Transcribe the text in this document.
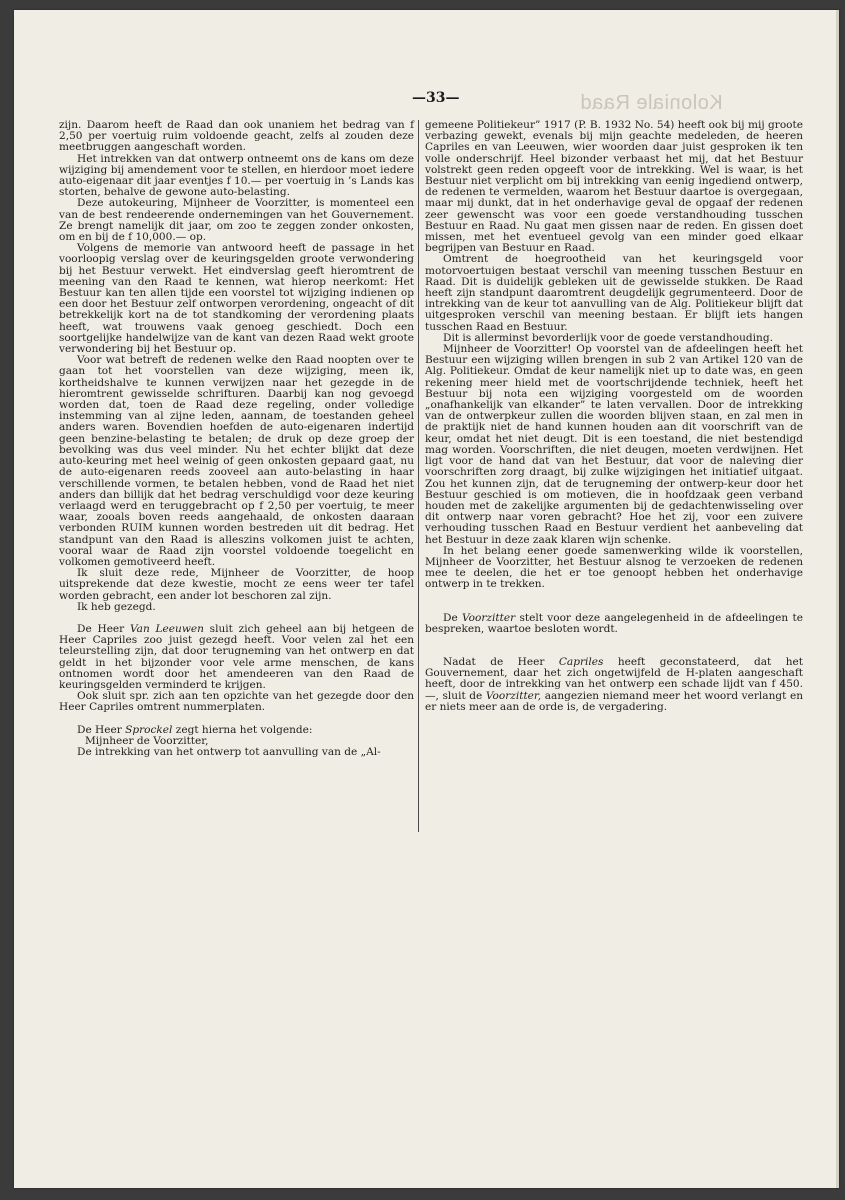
Koloniale Raad
—33—

zijn. Daarom heeft de Raad dan ook unaniem het bedrag van f 2,50 per voertuig ruim voldoende geacht, zelfs al zouden deze meetbruggen aangeschaft worden.

Het intrekken van dat ontwerp ontneemt ons de kans om deze wijziging bij amendement voor te stellen, en hierdoor moet iedere auto-eigenaar dit jaar eventjes f 10.— per voertuig in ’s Lands kas storten, behalve de gewone auto-belasting.

Deze autokeuring, Mijnheer de Voorzitter, is momenteel een van de best rendeerende ondernemingen van het Gouvernement. Ze brengt namelijk dit jaar, om zoo te zeggen zonder onkosten, om en bij de f 10,000.— op.

Volgens de memorie van antwoord heeft de passage in het voorloopig verslag over de keuringsgelden groote verwondering bij het Bestuur verwekt. Het eindverslag geeft hieromtrent de meening van den Raad te kennen, wat hierop neerkomt: Het Bestuur kan ten allen tijde een voorstel tot wijziging indienen op een door het Bestuur zelf ontworpen verordening, ongeacht of dit betrekkelijk kort na de tot standkoming der verordening plaats heeft, wat trouwens vaak genoeg geschiedt. Doch een soortgelijke handelwijze van de kant van dezen Raad wekt groote verwondering bij het Bestuur op.

Voor wat betreft de redenen welke den Raad noopten over te gaan tot het voorstellen van deze wijziging, meen ik, kortheidshalve te kunnen verwijzen naar het gezegde in de hieromtrent gewisselde schrifturen. Daarbij kan nog gevoegd worden dat, toen de Raad deze regeling, onder volledige instemming van al zijne leden, aannam, de toestanden geheel anders waren. Bovendien hoefden de auto-eigenaren indertijd geen benzine-belasting te betalen; de druk op deze groep der bevolking was dus veel minder. Nu het echter blijkt dat deze auto-keuring met heel weinig of geen onkosten gepaard gaat, nu de auto-eigenaren reeds zooveel aan auto-belasting in haar verschillende vormen, te betalen hebben, vond de Raad het niet anders dan billijk dat het bedrag verschuldigd voor deze keuring verlaagd werd en teruggebracht op f 2,50 per voertuig, te meer waar, zooals boven reeds aangehaald, de onkosten daaraan verbonden RUIM kunnen worden bestreden uit dit bedrag. Het standpunt van den Raad is alleszins volkomen juist te achten, vooral waar de Raad zijn voorstel voldoende toegelicht en volkomen gemotiveerd heeft.

Ik sluit deze rede, Mijnheer de Voorzitter, de hoop uitsprekende dat deze kwestie, mocht ze eens weer ter tafel worden gebracht, een ander lot beschoren zal zijn.

Ik heb gezegd.

De Heer Van Leeuwen sluit zich geheel aan bij hetgeen de Heer Capriles zoo juist gezegd heeft. Voor velen zal het een teleurstelling zijn, dat door terugneming van het ontwerp en dat geldt in het bijzonder voor vele arme menschen, de kans ontnomen wordt door het amendeeren van den Raad de keuringsgelden verminderd te krijgen.

Ook sluit spr. zich aan ten opzichte van het gezegde door den Heer Capriles omtrent nummerplaten.

De Heer Sprockel zegt hierna het volgende:

Mijnheer de Voorzitter,

De intrekking van het ontwerp tot aanvulling van de „Al-

gemeene Politiekeur” 1917 (P. B. 1932 No. 54) heeft ook bij mij groote verbazing gewekt, evenals bij mijn geachte medeleden, de heeren Capriles en van Leeuwen, wier woorden daar juist gesproken ik ten volle onderschrijf. Heel bizonder verbaast het mij, dat het Bestuur volstrekt geen reden opgeeft voor de intrekking. Wel is waar, is het Bestuur niet verplicht om bij intrekking van eenig ingediend ontwerp, de redenen te vermelden, waarom het Bestuur daartoe is overgegaan, maar mij dunkt, dat in het onderhavige geval de opgaaf der redenen zeer gewenscht was voor een goede verstandhouding tusschen Bestuur en Raad. Nu gaat men gissen naar de reden. En gissen doet missen, met het eventueel gevolg van een minder goed elkaar begrijpen van Bestuur en Raad.

Omtrent de hoegrootheid van het keuringsgeld voor motorvoertuigen bestaat verschil van meening tusschen Bestuur en Raad. Dit is duidelijk gebleken uit de gewisselde stukken. De Raad heeft zijn standpunt daaromtrent deugdelijk gegrumenteerd. Door de intrekking van de keur tot aanvulling van de Alg. Politiekeur blijft dat uitgesproken verschil van meening bestaan. Er blijft iets hangen tusschen Raad en Bestuur.

Dit is allerminst bevorderlijk voor de goede verstandhouding.

Mijnheer de Voorzitter! Op voorstel van de afdeelingen heeft het Bestuur een wijziging willen brengen in sub 2 van Artikel 120 van de Alg. Politiekeur. Omdat de keur namelijk niet up to date was, en geen rekening meer hield met de voortschrijdende techniek, heeft het Bestuur bij nota een wijziging voorgesteld om de woorden „onafhankelijk van elkander” te laten vervallen. Door de intrekking van de ontwerpkeur zullen die woorden blijven staan, en zal men in de praktijk niet de hand kunnen houden aan dit voorschrift van de keur, omdat het niet deugt. Dit is een toestand, die niet bestendigd mag worden. Voorschriften, die niet deugen, moeten verdwijnen. Het ligt voor de hand dat van het Bestuur, dat voor de naleving dier voorschriften zorg draagt, bij zulke wijzigingen het initiatief uitgaat. Zou het kunnen zijn, dat de terugneming der ontwerp-keur door het Bestuur geschied is om motieven, die in hoofdzaak geen verband houden met de zakelijke argumenten bij de gedachtenwisseling over dit ontwerp naar voren gebracht? Hoe het zij, voor een zuivere verhouding tusschen Raad en Bestuur verdient het aanbeveling dat het Bestuur in deze zaak klaren wijn schenke.

In het belang eener goede samenwerking wilde ik voorstellen, Mijnheer de Voorzitter, het Bestuur alsnog te verzoeken de redenen mee te deelen, die het er toe genoopt hebben het onderhavige ontwerp in te trekken.

De Voorzitter stelt voor deze aangelegenheid in de afdeelingen te bespreken, waartoe besloten wordt.

Nadat de Heer Capriles heeft geconstateerd, dat het Gouvernement, daar het zich ongetwijfeld de H-platen aangeschaft heeft, door de intrekking van het ontwerp een schade lijdt van f 450.—, sluit de Voorzitter, aangezien niemand meer het woord verlangt en er niets meer aan de orde is, de vergadering.
